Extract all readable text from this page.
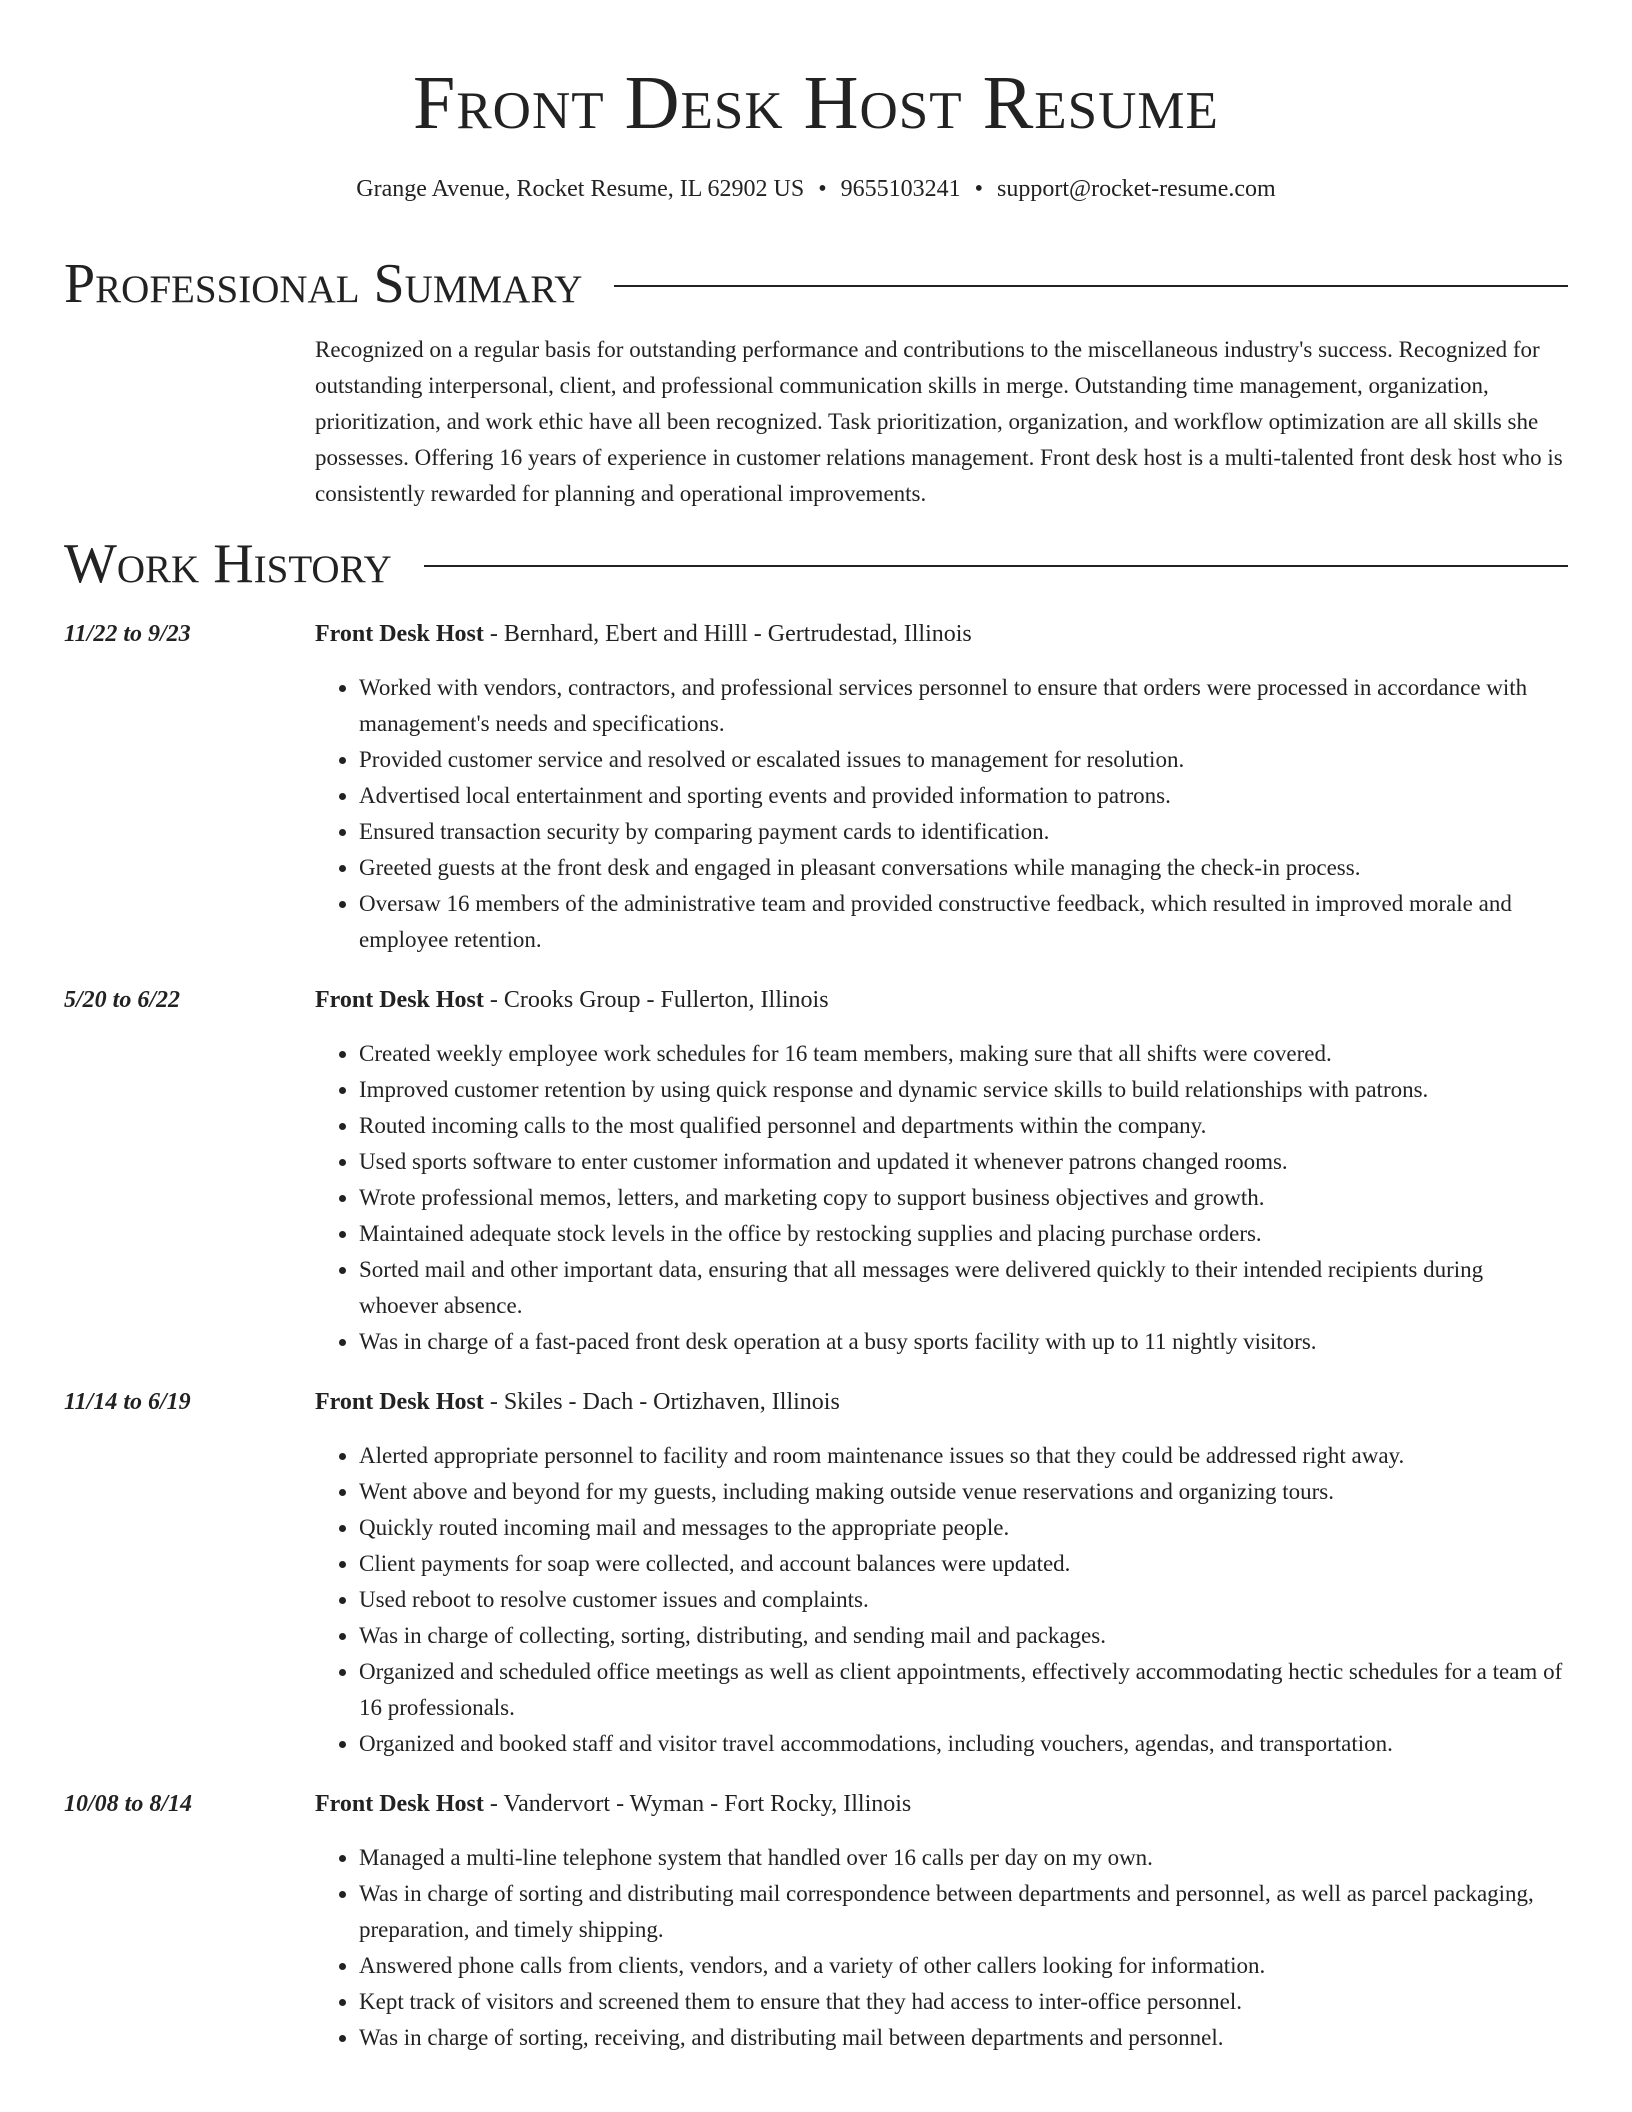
Front Desk Host Resume
Grange Avenue, Rocket Resume, IL 62902 US • 9655103241 • support@rocket-resume.com
Professional Summary
Recognized on a regular basis for outstanding performance and contributions to the miscellaneous industry's success. Recognized for outstanding interpersonal, client, and professional communication skills in merge. Outstanding time management, organization, prioritization, and work ethic have all been recognized. Task prioritization, organization, and workflow optimization are all skills she possesses. Offering 16 years of experience in customer relations management. Front desk host is a multi-talented front desk host who is consistently rewarded for planning and operational improvements.
Work History
11/22 to 9/23	Front Desk Host - Bernhard, Ebert and Hilll - Gertrudestad, Illinois
• Worked with vendors, contractors, and professional services personnel to ensure that orders were processed in accordance with management's needs and specifications.
• Provided customer service and resolved or escalated issues to management for resolution.
• Advertised local entertainment and sporting events and provided information to patrons.
• Ensured transaction security by comparing payment cards to identification.
• Greeted guests at the front desk and engaged in pleasant conversations while managing the check-in process.
• Oversaw 16 members of the administrative team and provided constructive feedback, which resulted in improved morale and employee retention.
5/20 to 6/22	Front Desk Host - Crooks Group - Fullerton, Illinois
• Created weekly employee work schedules for 16 team members, making sure that all shifts were covered.
• Improved customer retention by using quick response and dynamic service skills to build relationships with patrons.
• Routed incoming calls to the most qualified personnel and departments within the company.
• Used sports software to enter customer information and updated it whenever patrons changed rooms.
• Wrote professional memos, letters, and marketing copy to support business objectives and growth.
• Maintained adequate stock levels in the office by restocking supplies and placing purchase orders.
• Sorted mail and other important data, ensuring that all messages were delivered quickly to their intended recipients during whoever absence.
• Was in charge of a fast-paced front desk operation at a busy sports facility with up to 11 nightly visitors.
11/14 to 6/19	Front Desk Host - Skiles - Dach - Ortizhaven, Illinois
• Alerted appropriate personnel to facility and room maintenance issues so that they could be addressed right away.
• Went above and beyond for my guests, including making outside venue reservations and organizing tours.
• Quickly routed incoming mail and messages to the appropriate people.
• Client payments for soap were collected, and account balances were updated.
• Used reboot to resolve customer issues and complaints.
• Was in charge of collecting, sorting, distributing, and sending mail and packages.
• Organized and scheduled office meetings as well as client appointments, effectively accommodating hectic schedules for a team of 16 professionals.
• Organized and booked staff and visitor travel accommodations, including vouchers, agendas, and transportation.
10/08 to 8/14	Front Desk Host - Vandervort - Wyman - Fort Rocky, Illinois
• Managed a multi-line telephone system that handled over 16 calls per day on my own.
• Was in charge of sorting and distributing mail correspondence between departments and personnel, as well as parcel packaging, preparation, and timely shipping.
• Answered phone calls from clients, vendors, and a variety of other callers looking for information.
• Kept track of visitors and screened them to ensure that they had access to inter-office personnel.
• Was in charge of sorting, receiving, and distributing mail between departments and personnel.
